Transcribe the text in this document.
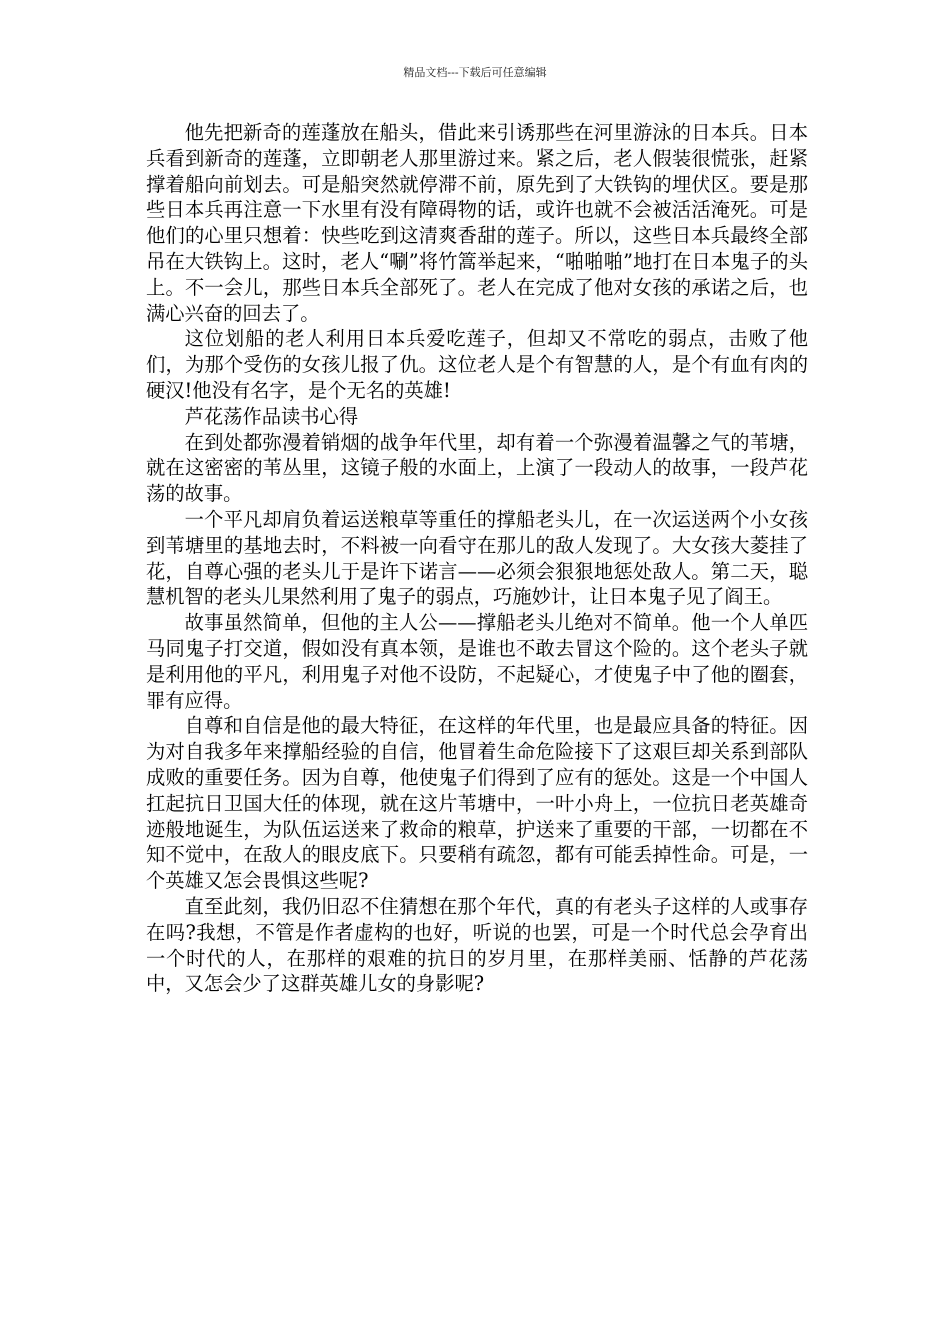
精品文档---下载后可任意编辑

他先把新奇的莲蓬放在船头，借此来引诱那些在河里游泳的日本兵。日本兵看到新奇的莲蓬，立即朝老人那里游过来。紧之后，老人假装很慌张，赶紧撑着船向前划去。可是船突然就停滞不前，原先到了大铁钩的埋伏区。要是那些日本兵再注意一下水里有没有障碍物的话，或许也就不会被活活淹死。可是他们的心里只想着：快些吃到这清爽香甜的莲子。所以，这些日本兵最终全部吊在大铁钩上。这时，老人“唰”将竹篙举起来，“啪啪啪”地打在日本鬼子的头上。不一会儿，那些日本兵全部死了。老人在完成了他对女孩的承诺之后，也满心兴奋的回去了。

这位划船的老人利用日本兵爱吃莲子，但却又不常吃的弱点，击败了他们，为那个受伤的女孩儿报了仇。这位老人是个有智慧的人，是个有血有肉的硬汉!他没有名字，是个无名的英雄!

芦花荡作品读书心得

在到处都弥漫着销烟的战争年代里，却有着一个弥漫着温馨之气的苇塘，就在这密密的苇丛里，这镜子般的水面上，上演了一段动人的故事，一段芦花荡的故事。

一个平凡却肩负着运送粮草等重任的撑船老头儿，在一次运送两个小女孩到苇塘里的基地去时，不料被一向看守在那儿的敌人发现了。大女孩大菱挂了花，自尊心强的老头儿于是许下诺言——必须会狠狠地惩处敌人。第二天，聪慧机智的老头儿果然利用了鬼子的弱点，巧施妙计，让日本鬼子见了阎王。

故事虽然简单，但他的主人公——撑船老头儿绝对不简单。他一个人单匹马同鬼子打交道，假如没有真本领，是谁也不敢去冒这个险的。这个老头子就是利用他的平凡，利用鬼子对他不设防，不起疑心，才使鬼子中了他的圈套，罪有应得。

自尊和自信是他的最大特征，在这样的年代里，也是最应具备的特征。因为对自我多年来撑船经验的自信，他冒着生命危险接下了这艰巨却关系到部队成败的重要任务。因为自尊，他使鬼子们得到了应有的惩处。这是一个中国人扛起抗日卫国大任的体现，就在这片苇塘中，一叶小舟上，一位抗日老英雄奇迹般地诞生，为队伍运送来了救命的粮草，护送来了重要的干部，一切都在不知不觉中，在敌人的眼皮底下。只要稍有疏忽，都有可能丢掉性命。可是，一个英雄又怎会畏惧这些呢?

直至此刻，我仍旧忍不住猜想在那个年代，真的有老头子这样的人或事存在吗?我想，不管是作者虚构的也好，听说的也罢，可是一个时代总会孕育出一个时代的人，在那样的艰难的抗日的岁月里，在那样美丽、恬静的芦花荡中，又怎会少了这群英雄儿女的身影呢?
